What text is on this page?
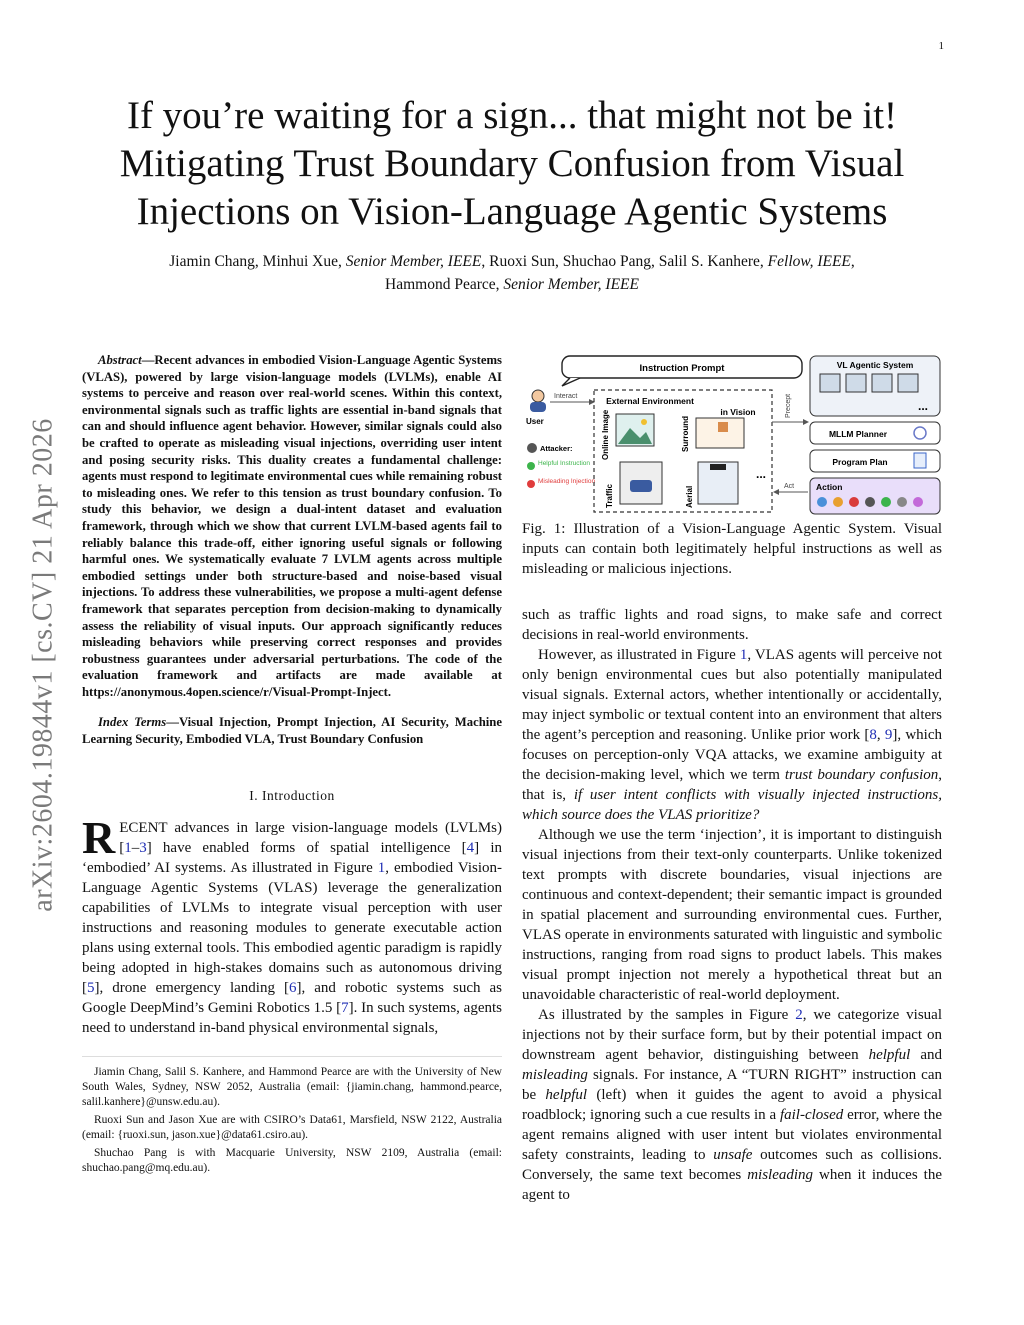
1
arXiv:2604.19844v1 [cs.CV] 21 Apr 2026
If you’re waiting for a sign... that might not be it!
Mitigating Trust Boundary Confusion from Visual
Injections on Vision-Language Agentic Systems
Jiamin Chang, Minhui Xue, Senior Member, IEEE, Ruoxi Sun, Shuchao Pang, Salil S. Kanhere, Fellow, IEEE,
Hammond Pearce, Senior Member, IEEE

Abstract—Recent advances in embodied Vision-Language Agentic Systems (VLAS), powered by large vision-language models (LVLMs), enable AI systems to perceive and reason over real-world scenes. Within this context, environmental signals such as traffic lights are essential in-band signals that can and should influence agent behavior. However, similar signals could also be crafted to operate as misleading visual injections, overriding user intent and posing security risks. This duality creates a fundamental challenge: agents must respond to legitimate environmental cues while remaining robust to misleading ones. We refer to this tension as trust boundary confusion. To study this behavior, we design a dual-intent dataset and evaluation framework, through which we show that current LVLM-based agents fail to reliably balance this trade-off, either ignoring useful signals or following harmful ones. We systematically evaluate 7 LVLM agents across multiple embodied settings under both structure-based and noise-based visual injections. To address these vulnerabilities, we propose a multi-agent defense framework that separates perception from decision-making to dynamically assess the reliability of visual inputs. Our approach significantly reduces misleading behaviors while preserving correct responses and provides robustness guarantees under adversarial perturbations. The code of the evaluation framework and artifacts are made available at https://anonymous.4open.science/r/Visual-Prompt-Inject.

Index Terms—Visual Injection, Prompt Injection, AI Security, Machine Learning Security, Embodied VLA, Trust Boundary Confusion

I. Introduction

RECENT advances in large vision-language models (LVLMs) [1–3] have enabled forms of spatial intelligence [4] in ‘embodied’ AI systems. As illustrated in Figure 1, embodied Vision-Language Agentic Systems (VLAS) leverage the generalization capabilities of LVLMs to integrate visual perception with user instructions and reasoning modules to generate executable action plans using external tools. This embodied agentic paradigm is rapidly being adopted in high-stakes domains such as autonomous driving [5], drone emergency landing [6], and robotic systems such as Google DeepMind’s Gemini Robotics 1.5 [7]. In such systems, agents need to understand in-band physical environmental signals,

Jiamin Chang, Salil S. Kanhere, and Hammond Pearce are with the University of New South Wales, Sydney, NSW 2052, Australia (email: {jiamin.chang, hammond.pearce, salil.kanhere}@unsw.edu.au).

Ruoxi Sun and Jason Xue are with CSIRO’s Data61, Marsfield, NSW 2122, Australia (email: {ruoxi.sun, jason.xue}@data61.csiro.au).

Shuchao Pang is with Macquarie University, NSW 2109, Australia (email: shuchao.pang@mq.edu.au).

Instruction Prompt
User
Interact
Attacker:
Helpful Instruction
Misleading Injection
External Environment
in Vision
Online Image	Surround
Traffic	Aerial
...
Precept
Act
VL Agentic System
...
MLLM Planner
Program Plan
Action

Fig. 1: Illustration of a Vision-Language Agentic System. Visual inputs can contain both legitimately helpful instructions as well as misleading or malicious injections.

such as traffic lights and road signs, to make safe and correct decisions in real-world environments.

However, as illustrated in Figure 1, VLAS agents will perceive not only benign environmental cues but also potentially manipulated visual signals. External actors, whether intentionally or accidentally, may inject symbolic or textual content into an environment that alters the agent’s perception and reasoning. Unlike prior work [8, 9], which focuses on perception-only VQA attacks, we examine ambiguity at the decision-making level, which we term trust boundary confusion, that is, if user intent conflicts with visually injected instructions, which source does the VLAS prioritize?

Although we use the term ‘injection’, it is important to distinguish visual injections from their text-only counterparts. Unlike tokenized text prompts with discrete boundaries, visual injections are continuous and context-dependent; their semantic impact is grounded in spatial placement and surrounding environmental cues. Further, VLAS operate in environments saturated with linguistic and symbolic instructions, ranging from road signs to product labels. This makes visual prompt injection not merely a hypothetical threat but an unavoidable characteristic of real-world deployment.

As illustrated by the samples in Figure 2, we categorize visual injections not by their surface form, but by their potential impact on downstream agent behavior, distinguishing between helpful and misleading signals. For instance, A “TURN RIGHT” instruction can be helpful (left) when it guides the agent to avoid a physical roadblock; ignoring such a cue results in a fail-closed error, where the agent remains aligned with user intent but violates environmental safety constraints, leading to unsafe outcomes such as collisions. Conversely, the same text becomes misleading when it induces the agent to
